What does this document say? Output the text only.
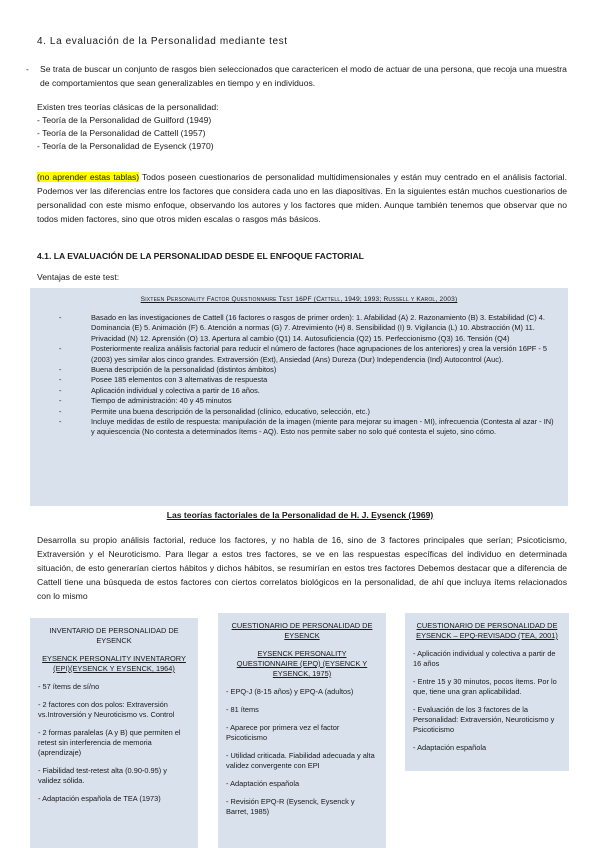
4. La evaluación de la Personalidad mediante test
- Se trata de buscar un conjunto de rasgos bien seleccionados que caractericen el modo de actuar de una persona, que recoja una muestra de comportamientos que sean generalizables en tiempo y en individuos.
Existen tres teorías clásicas de la personalidad:
- Teoría de la Personalidad de Guilford (1949)
- Teoría de la Personalidad de Cattell (1957)
- Teoría de la Personalidad de Eysenck (1970)
(no aprender estas tablas) Todos poseen cuestionarios de personalidad multidimensionales y están muy centrado en el análisis factorial. Podemos ver las diferencias entre los factores que considera cada uno en las diapositivas. En la siguientes están muchos cuestionarios de personalidad con este mismo enfoque, observando los autores y los factores que miden. Aunque también tenemos que observar que no todos miden factores, sino que otros miden escalas o rasgos más básicos.
4.1. LA EVALUACIÓN DE LA PERSONALIDAD DESDE EL ENFOQUE FACTORIAL
Ventajas de este test:
Sixteen Personality Factor Questionnaire Test 16PF (Cattell, 1949; 1993; Russell y Karol, 2003)
- Basado en las investigaciones de Cattell (16 factores o rasgos de primer orden): 1. Afabilidad (A) 2. Razonamiento (B) 3. Estabilidad (C) 4. Dominancia (E) 5. Animación (F) 6. Atención a normas (G) 7. Atrevimiento (H) 8. Sensibilidad (I) 9. Vigilancia (L) 10. Abstracción (M) 11. Privacidad (N) 12. Aprensión (O) 13. Apertura al cambio (Q1) 14. Autosuficiencia (Q2) 15. Perfeccionismo (Q3) 16. Tensión (Q4)
- Posteriormente realiza análisis factorial para reducir el número de factores (hace agrupaciones de los anteriores) y crea la versión 16PF - 5 (2003) yes similar alos cinco grandes. Extraversión (Ext), Ansiedad (Ans) Dureza (Dur) Independencia (Ind) Autocontrol (Auc).
- Buena descripción de la personalidad (distintos ámbitos)
- Posee 185 elementos con 3 alternativas de respuesta
- Aplicación individual y colectiva a partir de 16 años.
- Tiempo de administración: 40 y 45 minutos
- Permite una buena descripción de la personalidad (clínico, educativo, selección, etc.)
- Incluye medidas de estilo de respuesta: manipulación de la imagen (miente para mejorar su imagen - MI), infrecuencia (Contesta al azar - IN) y aquiescencia (No contesta a determinados ítems - AQ). Esto nos permite saber no solo qué contesta el sujeto, sino cómo.
Las teorías factoriales de la Personalidad de H. J. Eysenck (1969)
Desarrolla su propio análisis factorial, reduce los factores, y no habla de 16, sino de 3 factores principales que serían; Psicoticismo, Extraversión y el Neuroticismo. Para llegar a estos tres factores, se ve en las respuestas específicas del individuo en determinada situación, de esto generarían ciertos hábitos y dichos hábitos, se resumirían en estos tres factores Debemos destacar que a diferencia de Cattell tiene una búsqueda de estos factores con ciertos correlatos biológicos en la personalidad, de ahí que incluya ítems relacionados con lo mismo
INVENTARIO DE PERSONALIDAD DE EYSENCK
EYSENCK PERSONALITY INVENTARORY (EPI)(EYSENCK Y EYSENCK, 1964)

- 57 ítems de sí/no

- 2 factores con dos polos: Extraversión vs.Introversión y Neuroticismo vs. Control

- 2 formas paralelas (A y B) que permiten el retest sin interferencia de memoria (aprendizaje)

- Fiabilidad test-retest alta (0.90-0.95) y validez sólida.

- Adaptación española de TEA (1973)

CUESTIONARIO DE PERSONALIDAD DE EYSENCK
EYSENCK PERSONALITY QUESTIONNAIRE (EPQ) (EYSENCK Y EYSENCK, 1975)

- EPQ-J (8-15 años) y EPQ-A (adultos)

- 81 ítems

- Aparece por primera vez el factor Psicoticismo

- Utilidad criticada. Fiabilidad adecuada y alta validez convergente con EPI

- Adaptación española

- Revisión EPQ-R (Eysenck, Eysenck y Barret, 1985)

CUESTIONARIO DE PERSONALIDAD DE EYSENCK – EPQ-REVISADO (TEA, 2001)

- Aplicación individual y colectiva a partir de 16 años

- Entre 15 y 30 minutos, pocos ítems. Por lo que, tiene una gran aplicabilidad.

- Evaluación de los 3 factores de la Personalidad: Extraversión, Neuroticismo y Psicoticismo

- Adaptación española
